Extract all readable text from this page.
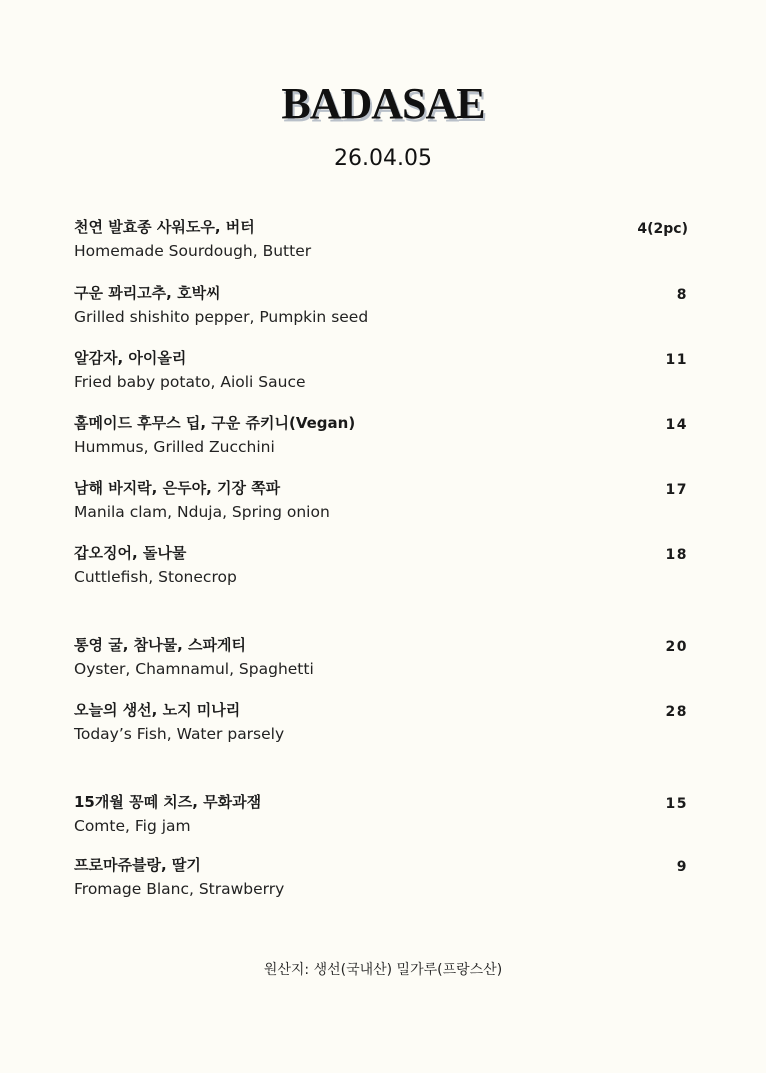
BADASAE
26.04.05
천연 발효종 사워도우, 버터
Homemade Sourdough, Butter
4(2pc)
구운 꽈리고추, 호박씨
Grilled shishito pepper, Pumpkin seed
8
알감자, 아이올리
Fried baby potato, Aioli Sauce
11
홈메이드 후무스 딥, 구운 쥬키니(Vegan)
Hummus, Grilled Zucchini
14
남해 바지락, 은두야, 기장 쪽파
Manila clam, Nduja, Spring onion
17
갑오징어, 돌나물
Cuttlefish, Stonecrop
18
통영 굴, 참나물, 스파게티
Oyster, Chamnamul, Spaghetti
20
오늘의 생선, 노지 미나리
Today’s Fish, Water parsely
28
15개월 꽁떼 치즈, 무화과잼
Comte, Fig jam
15
프로마쥬블랑, 딸기
Fromage Blanc, Strawberry
9
원산지: 생선(국내산) 밀가루(프랑스산)
